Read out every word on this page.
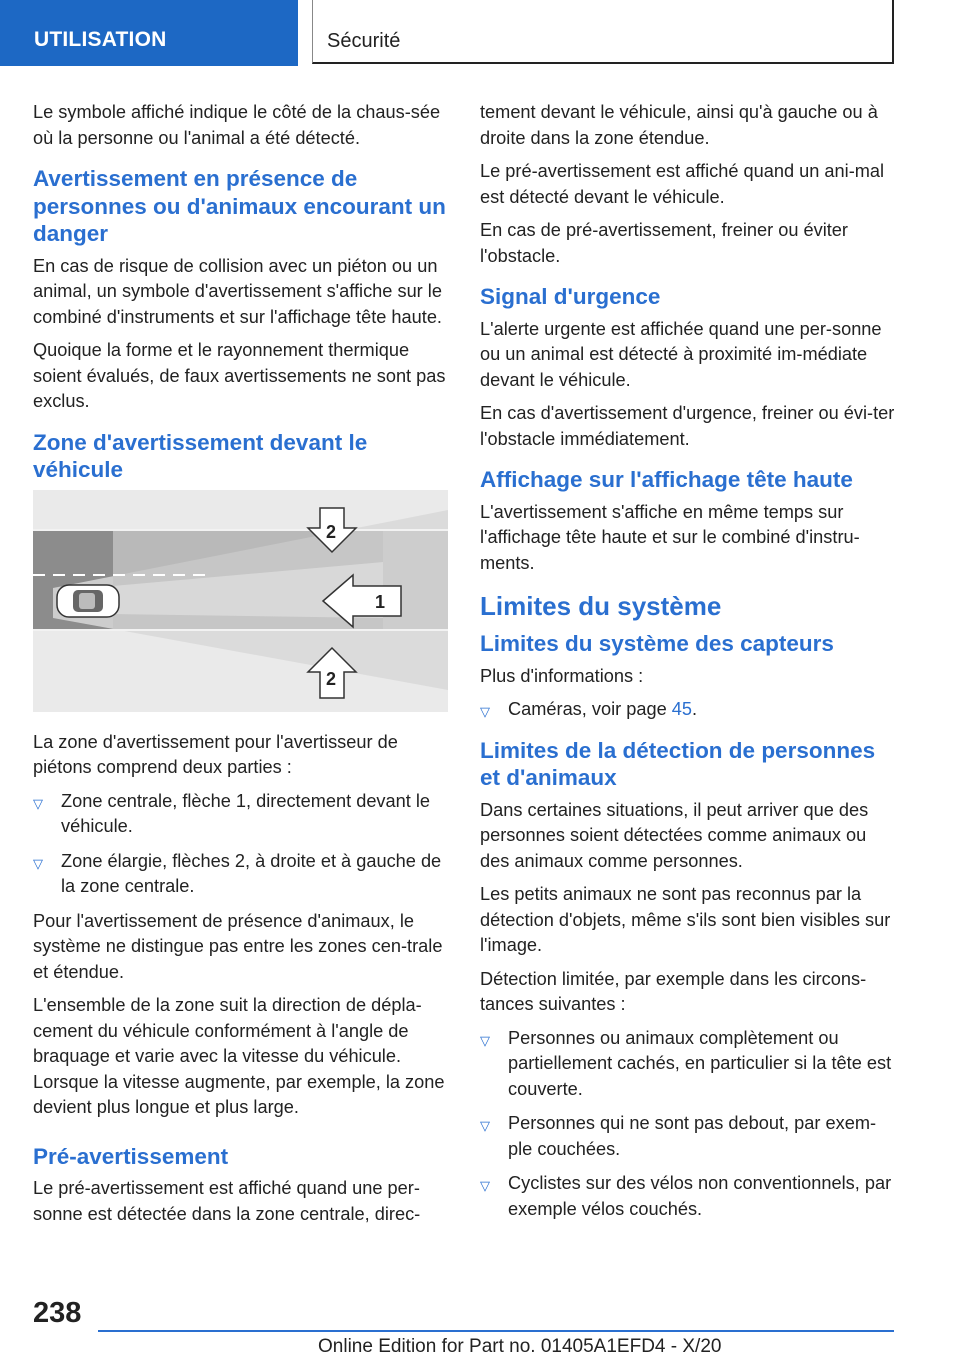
UTILISATION	Sécurité

Le symbole affiché indique le côté de la chaus-sée où la personne ou l'animal a été détecté.

Avertissement en présence de personnes ou d'animaux encourant un danger

En cas de risque de collision avec un piéton ou un animal, un symbole d'avertissement s'affiche sur le combiné d'instruments et sur l'affichage tête haute.

Quoique la forme et le rayonnement thermique soient évalués, de faux avertissements ne sont pas exclus.

Zone d'avertissement devant le véhicule
1
2
2

La zone d'avertissement pour l'avertisseur de piétons comprend deux parties :

▽ Zone centrale, flèche 1, directement devant le véhicule.
▽ Zone élargie, flèches 2, à droite et à gauche de la zone centrale.

Pour l'avertissement de présence d'animaux, le système ne distingue pas entre les zones cen-trale et étendue.

L'ensemble de la zone suit la direction de dépla-cement du véhicule conformément à l'angle de braquage et varie avec la vitesse du véhicule. Lorsque la vitesse augmente, par exemple, la zone devient plus longue et plus large.

Pré-avertissement

Le pré-avertissement est affiché quand une per-sonne est détectée dans la zone centrale, direc-

tement devant le véhicule, ainsi qu'à gauche ou à droite dans la zone étendue.

Le pré-avertissement est affiché quand un ani-mal est détecté devant le véhicule.

En cas de pré-avertissement, freiner ou éviter l'obstacle.

Signal d'urgence

L'alerte urgente est affichée quand une per-sonne ou un animal est détecté à proximité im-médiate devant le véhicule.

En cas d'avertissement d'urgence, freiner ou évi-ter l'obstacle immédiatement.

Affichage sur l'affichage tête haute

L'avertissement s'affiche en même temps sur l'affichage tête haute et sur le combiné d'instru-ments.

Limites du système
Limites du système des capteurs

Plus d'informations :

▽ Caméras, voir page 45.
Limites de la détection de personnes et d'animaux

Dans certaines situations, il peut arriver que des personnes soient détectées comme animaux ou des animaux comme personnes.

Les petits animaux ne sont pas reconnus par la détection d'objets, même s'ils sont bien visibles sur l'image.

Détection limitée, par exemple dans les circons-tances suivantes :

▽ Personnes ou animaux complètement ou partiellement cachés, en particulier si la tête est couverte.
▽ Personnes qui ne sont pas debout, par exem-ple couchées.
▽ Cyclistes sur des vélos non conventionnels, par exemple vélos couchés.
238
Online Edition for Part no. 01405A1EFD4 - X/20
